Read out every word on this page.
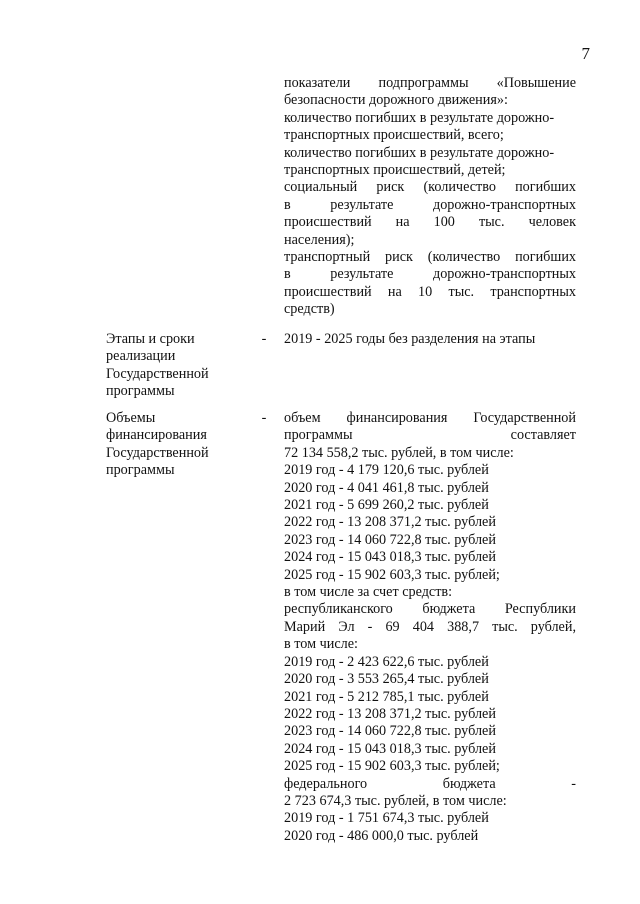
7
показатели подпрограммы «Повышение
безопасности дорожного движения»:
количество погибших в результате дорожно-
транспортных происшествий, всего;
количество погибших в результате дорожно-
транспортных происшествий, детей;
социальный риск (количество погибших
в результате дорожно-транспортных
происшествий на 100 тыс. человек
населения);
транспортный риск (количество погибших
в результате дорожно-транспортных
происшествий на 10 тыс. транспортных
средств)
Этапы и сроки
реализации
Государственной
программы
- 2019 - 2025 годы без разделения на этапы
Объемы
финансирования
Государственной
программы
- объем финансирования Государственной
программы составляет
72 134 558,2 тыс. рублей, в том числе:
2019 год - 4 179 120,6 тыс. рублей
2020 год - 4 041 461,8 тыс. рублей
2021 год - 5 699 260,2 тыс. рублей
2022 год - 13 208 371,2 тыс. рублей
2023 год - 14 060 722,8 тыс. рублей
2024 год - 15 043 018,3 тыс. рублей
2025 год - 15 902 603,3 тыс. рублей;
в том числе за счет средств:
республиканского бюджета Республики
Марий Эл - 69 404 388,7 тыс. рублей,
в том числе:
2019 год - 2 423 622,6 тыс. рублей
2020 год - 3 553 265,4 тыс. рублей
2021 год - 5 212 785,1 тыс. рублей
2022 год - 13 208 371,2 тыс. рублей
2023 год - 14 060 722,8 тыс. рублей
2024 год - 15 043 018,3 тыс. рублей
2025 год - 15 902 603,3 тыс. рублей;
федерального бюджета -
2 723 674,3 тыс. рублей, в том числе:
2019 год - 1 751 674,3 тыс. рублей
2020 год - 486 000,0 тыс. рублей
